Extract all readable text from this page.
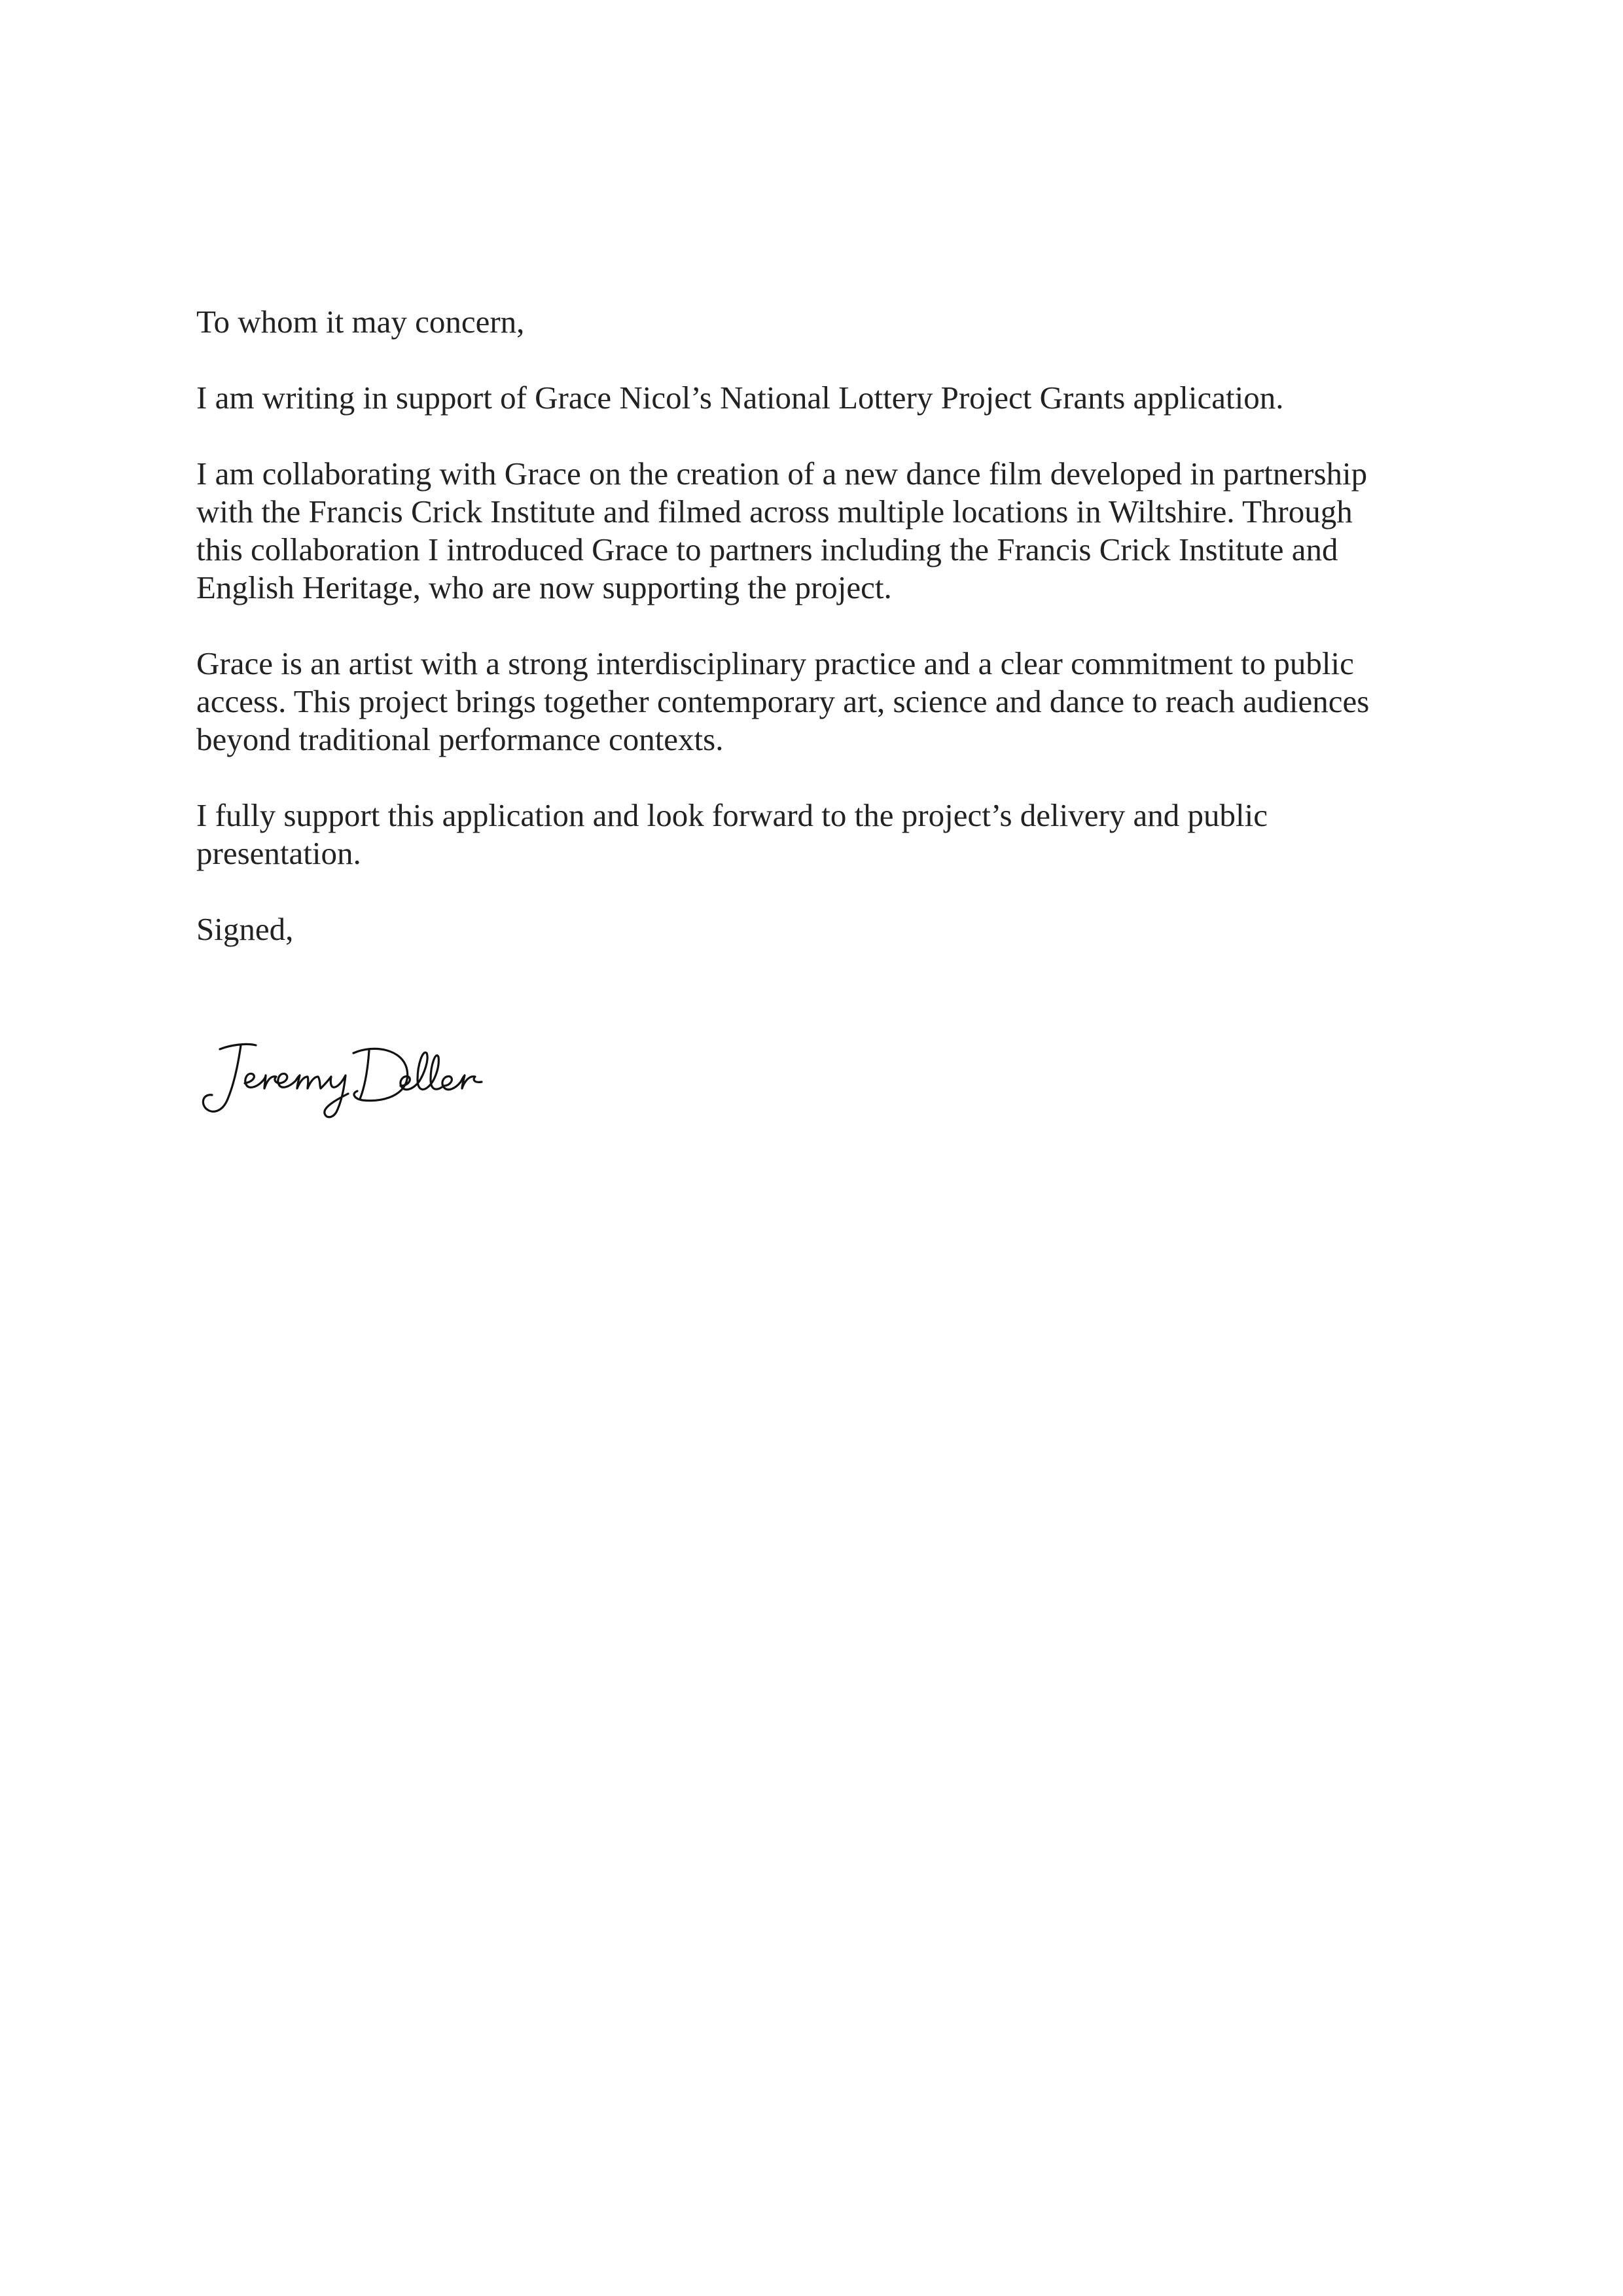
To whom it may concern,

I am writing in support of Grace Nicol’s National Lottery Project Grants application.

I am collaborating with Grace on the creation of a new dance film developed in partnership
with the Francis Crick Institute and filmed across multiple locations in Wiltshire. Through
this collaboration I introduced Grace to partners including the Francis Crick Institute and
English Heritage, who are now supporting the project.

Grace is an artist with a strong interdisciplinary practice and a clear commitment to public
access. This project brings together contemporary art, science and dance to reach audiences
beyond traditional performance contexts.

I fully support this application and look forward to the project’s delivery and public
presentation.

Signed,
